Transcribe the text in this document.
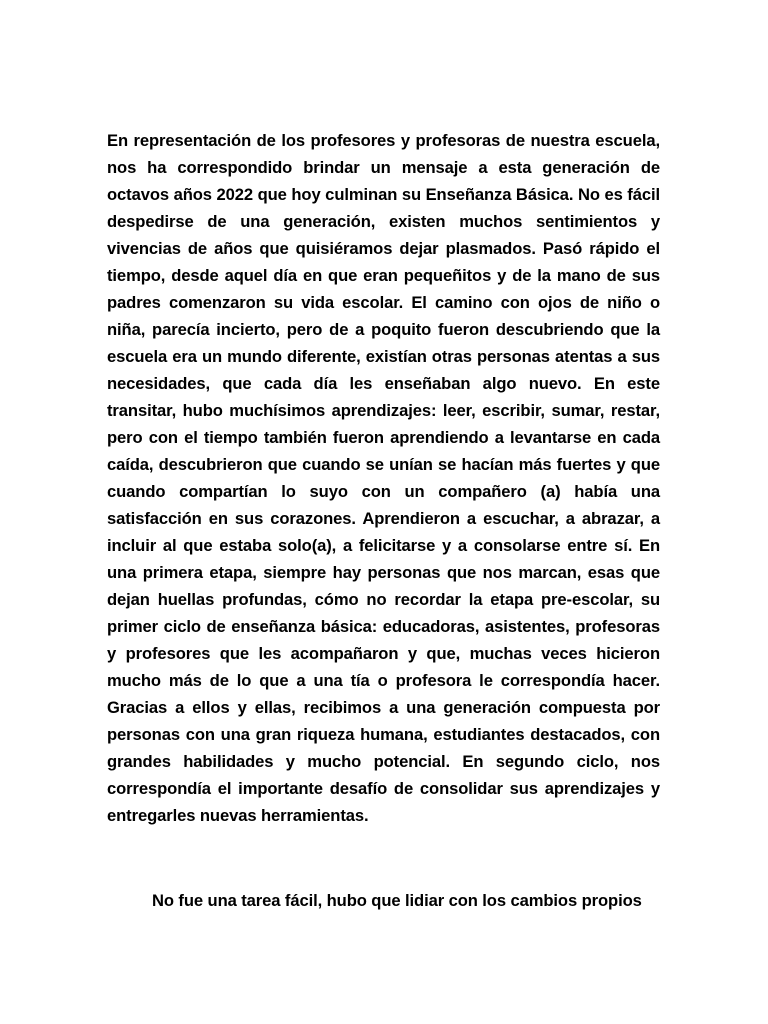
En representación de los profesores y profesoras de nuestra escuela, nos ha correspondido brindar un mensaje a esta generación de octavos años 2022 que hoy culminan su Enseñanza Básica. No es fácil despedirse de una generación, existen muchos sentimientos y vivencias de años que quisiéramos dejar plasmados. Pasó rápido el tiempo, desde aquel día en que eran pequeñitos y de la mano de sus padres comenzaron su vida escolar. El camino con ojos de niño o niña, parecía incierto, pero de a poquito fueron descubriendo que la escuela era un mundo diferente, existían otras personas atentas a sus necesidades, que cada día les enseñaban algo nuevo. En este transitar, hubo muchísimos aprendizajes: leer, escribir, sumar, restar, pero con el tiempo también fueron aprendiendo a levantarse en cada caída, descubrieron que cuando se unían se hacían más fuertes y que cuando compartían lo suyo con un compañero (a) había una satisfacción en sus corazones. Aprendieron a escuchar, a abrazar, a incluir al que estaba solo(a), a felicitarse y a consolarse entre sí. En una primera etapa, siempre hay personas que nos marcan, esas que dejan huellas profundas, cómo no recordar la etapa pre-escolar, su primer ciclo de enseñanza básica: educadoras, asistentes, profesoras y profesores que les acompañaron y que, muchas veces hicieron mucho más de lo que a una tía o profesora le correspondía hacer. Gracias a ellos y ellas, recibimos a una generación compuesta por personas con una gran riqueza humana, estudiantes destacados, con grandes habilidades y mucho potencial. En segundo ciclo, nos correspondía el importante desafío de consolidar sus aprendizajes y entregarles nuevas herramientas.

No fue una tarea fácil, hubo que lidiar con los cambios propios
